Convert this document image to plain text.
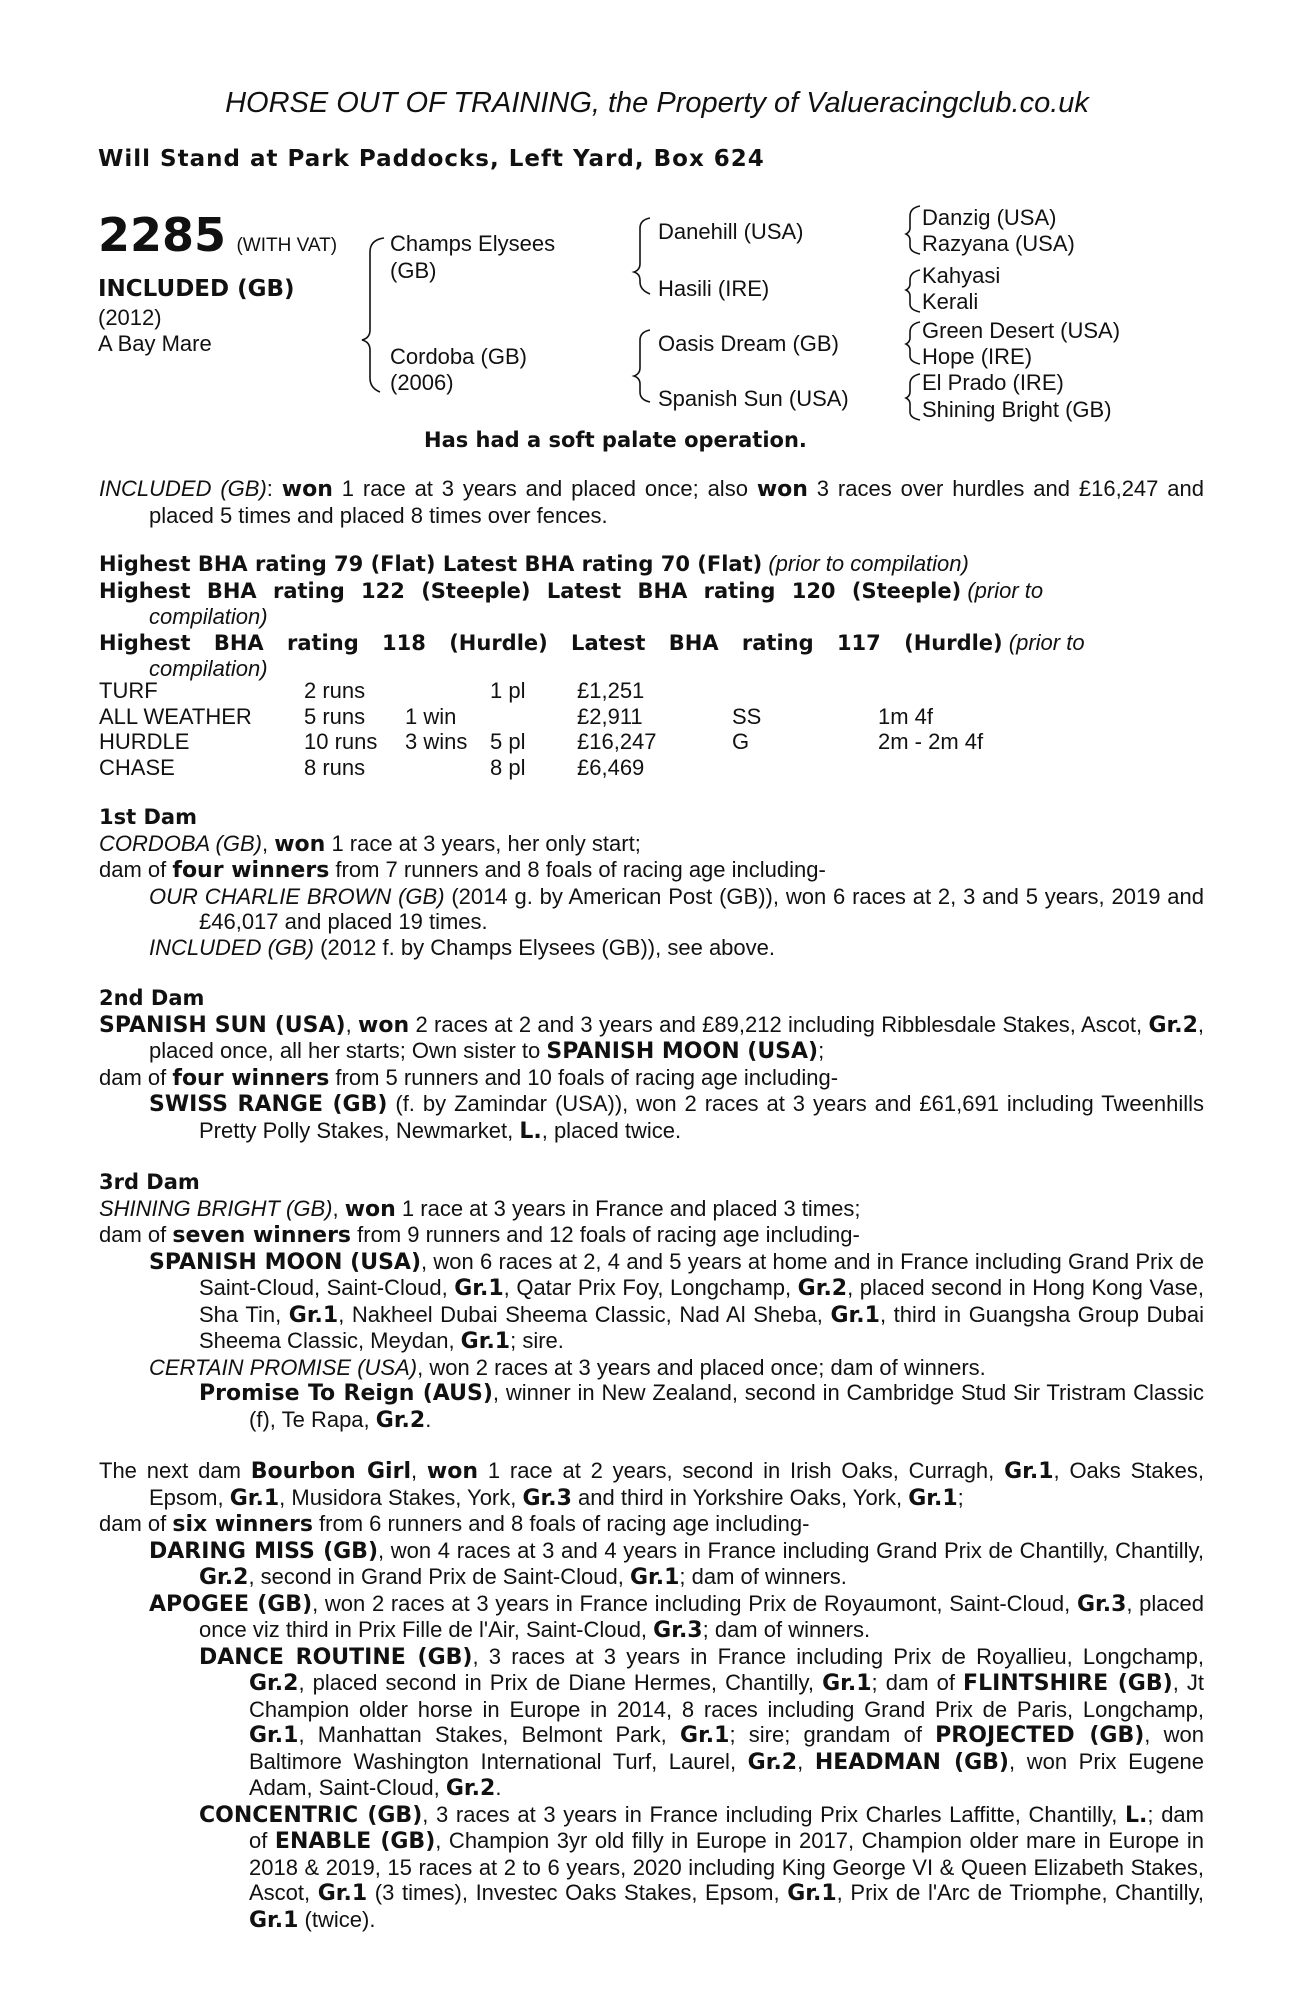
HORSE OUT OF TRAINING, the Property of Valueracingclub.co.uk
Will Stand at Park Paddocks, Left Yard, Box 624
2285 (WITH VAT)
INCLUDED (GB)
(2012)
A Bay Mare
Champs Elysees
(GB)
Cordoba (GB)
(2006)
Danehill (USA)
Hasili (IRE)
Oasis Dream (GB)
Spanish Sun (USA)
Danzig (USA)
Razyana (USA)
Kahyasi
Kerali
Green Desert (USA)
Hope (IRE)
El Prado (IRE)
Shining Bright (GB)
Has had a soft palate operation.

INCLUDED (GB): won 1 race at 3 years and placed once; also won 3 races over hurdles and £16,247 and placed 5 times and placed 8 times over fences.

Highest BHA rating 79 (Flat) Latest BHA rating 70 (Flat) (prior to compilation)

Highest BHA rating 122 (Steeple) Latest BHA rating 120 (Steeple) (prior to
compilation)

Highest BHA rating 118 (Hurdle) Latest BHA rating 117 (Hurdle) (prior to
compilation)

TURF	2 runs		1 pl	£1,251		
ALL WEATHER	5 runs	1 win		£2,911	SS	1m 4f
HURDLE	10 runs	3 wins	5 pl	£16,247	G	2m - 2m 4f
CHASE	8 runs		8 pl	£6,469		

1st Dam

CORDOBA (GB), won 1 race at 3 years, her only start;

dam of four winners from 7 runners and 8 foals of racing age including-

OUR CHARLIE BROWN (GB) (2014 g. by American Post (GB)), won 6 races at 2, 3 and 5 years, 2019 and £46,017 and placed 19 times.

INCLUDED (GB) (2012 f. by Champs Elysees (GB)), see above.

2nd Dam

SPANISH SUN (USA), won 2 races at 2 and 3 years and £89,212 including Ribblesdale Stakes, Ascot, Gr.2, placed once, all her starts; Own sister to SPANISH MOON (USA);

dam of four winners from 5 runners and 10 foals of racing age including-

SWISS RANGE (GB) (f. by Zamindar (USA)), won 2 races at 3 years and £61,691 including Tweenhills Pretty Polly Stakes, Newmarket, L., placed twice.

3rd Dam

SHINING BRIGHT (GB), won 1 race at 3 years in France and placed 3 times;

dam of seven winners from 9 runners and 12 foals of racing age including-

SPANISH MOON (USA), won 6 races at 2, 4 and 5 years at home and in France including Grand Prix de Saint-Cloud, Saint-Cloud, Gr.1, Qatar Prix Foy, Longchamp, Gr.2, placed second in Hong Kong Vase, Sha Tin, Gr.1, Nakheel Dubai Sheema Classic, Nad Al Sheba, Gr.1, third in Guangsha Group Dubai Sheema Classic, Meydan, Gr.1; sire.

CERTAIN PROMISE (USA), won 2 races at 3 years and placed once; dam of winners.

Promise To Reign (AUS), winner in New Zealand, second in Cambridge Stud Sir Tristram Classic (f), Te Rapa, Gr.2.

The next dam Bourbon Girl, won 1 race at 2 years, second in Irish Oaks, Curragh, Gr.1, Oaks Stakes, Epsom, Gr.1, Musidora Stakes, York, Gr.3 and third in Yorkshire Oaks, York, Gr.1;

dam of six winners from 6 runners and 8 foals of racing age including-

DARING MISS (GB), won 4 races at 3 and 4 years in France including Grand Prix de Chantilly, Chantilly, Gr.2, second in Grand Prix de Saint-Cloud, Gr.1; dam of winners.

APOGEE (GB), won 2 races at 3 years in France including Prix de Royaumont, Saint-Cloud, Gr.3, placed once viz third in Prix Fille de l'Air, Saint-Cloud, Gr.3; dam of winners.

DANCE ROUTINE (GB), 3 races at 3 years in France including Prix de Royallieu, Longchamp, Gr.2, placed second in Prix de Diane Hermes, Chantilly, Gr.1; dam of FLINTSHIRE (GB), Jt Champion older horse in Europe in 2014, 8 races including Grand Prix de Paris, Longchamp, Gr.1, Manhattan Stakes, Belmont Park, Gr.1; sire; grandam of PROJECTED (GB), won Baltimore Washington International Turf, Laurel, Gr.2, HEADMAN (GB), won Prix Eugene Adam, Saint-Cloud, Gr.2.

CONCENTRIC (GB), 3 races at 3 years in France including Prix Charles Laffitte, Chantilly, L.; dam of ENABLE (GB), Champion 3yr old filly in Europe in 2017, Champion older mare in Europe in 2018 & 2019, 15 races at 2 to 6 years, 2020 including King George VI & Queen Elizabeth Stakes, Ascot, Gr.1 (3 times), Investec Oaks Stakes, Epsom, Gr.1, Prix de l'Arc de Triomphe, Chantilly, Gr.1 (twice).
